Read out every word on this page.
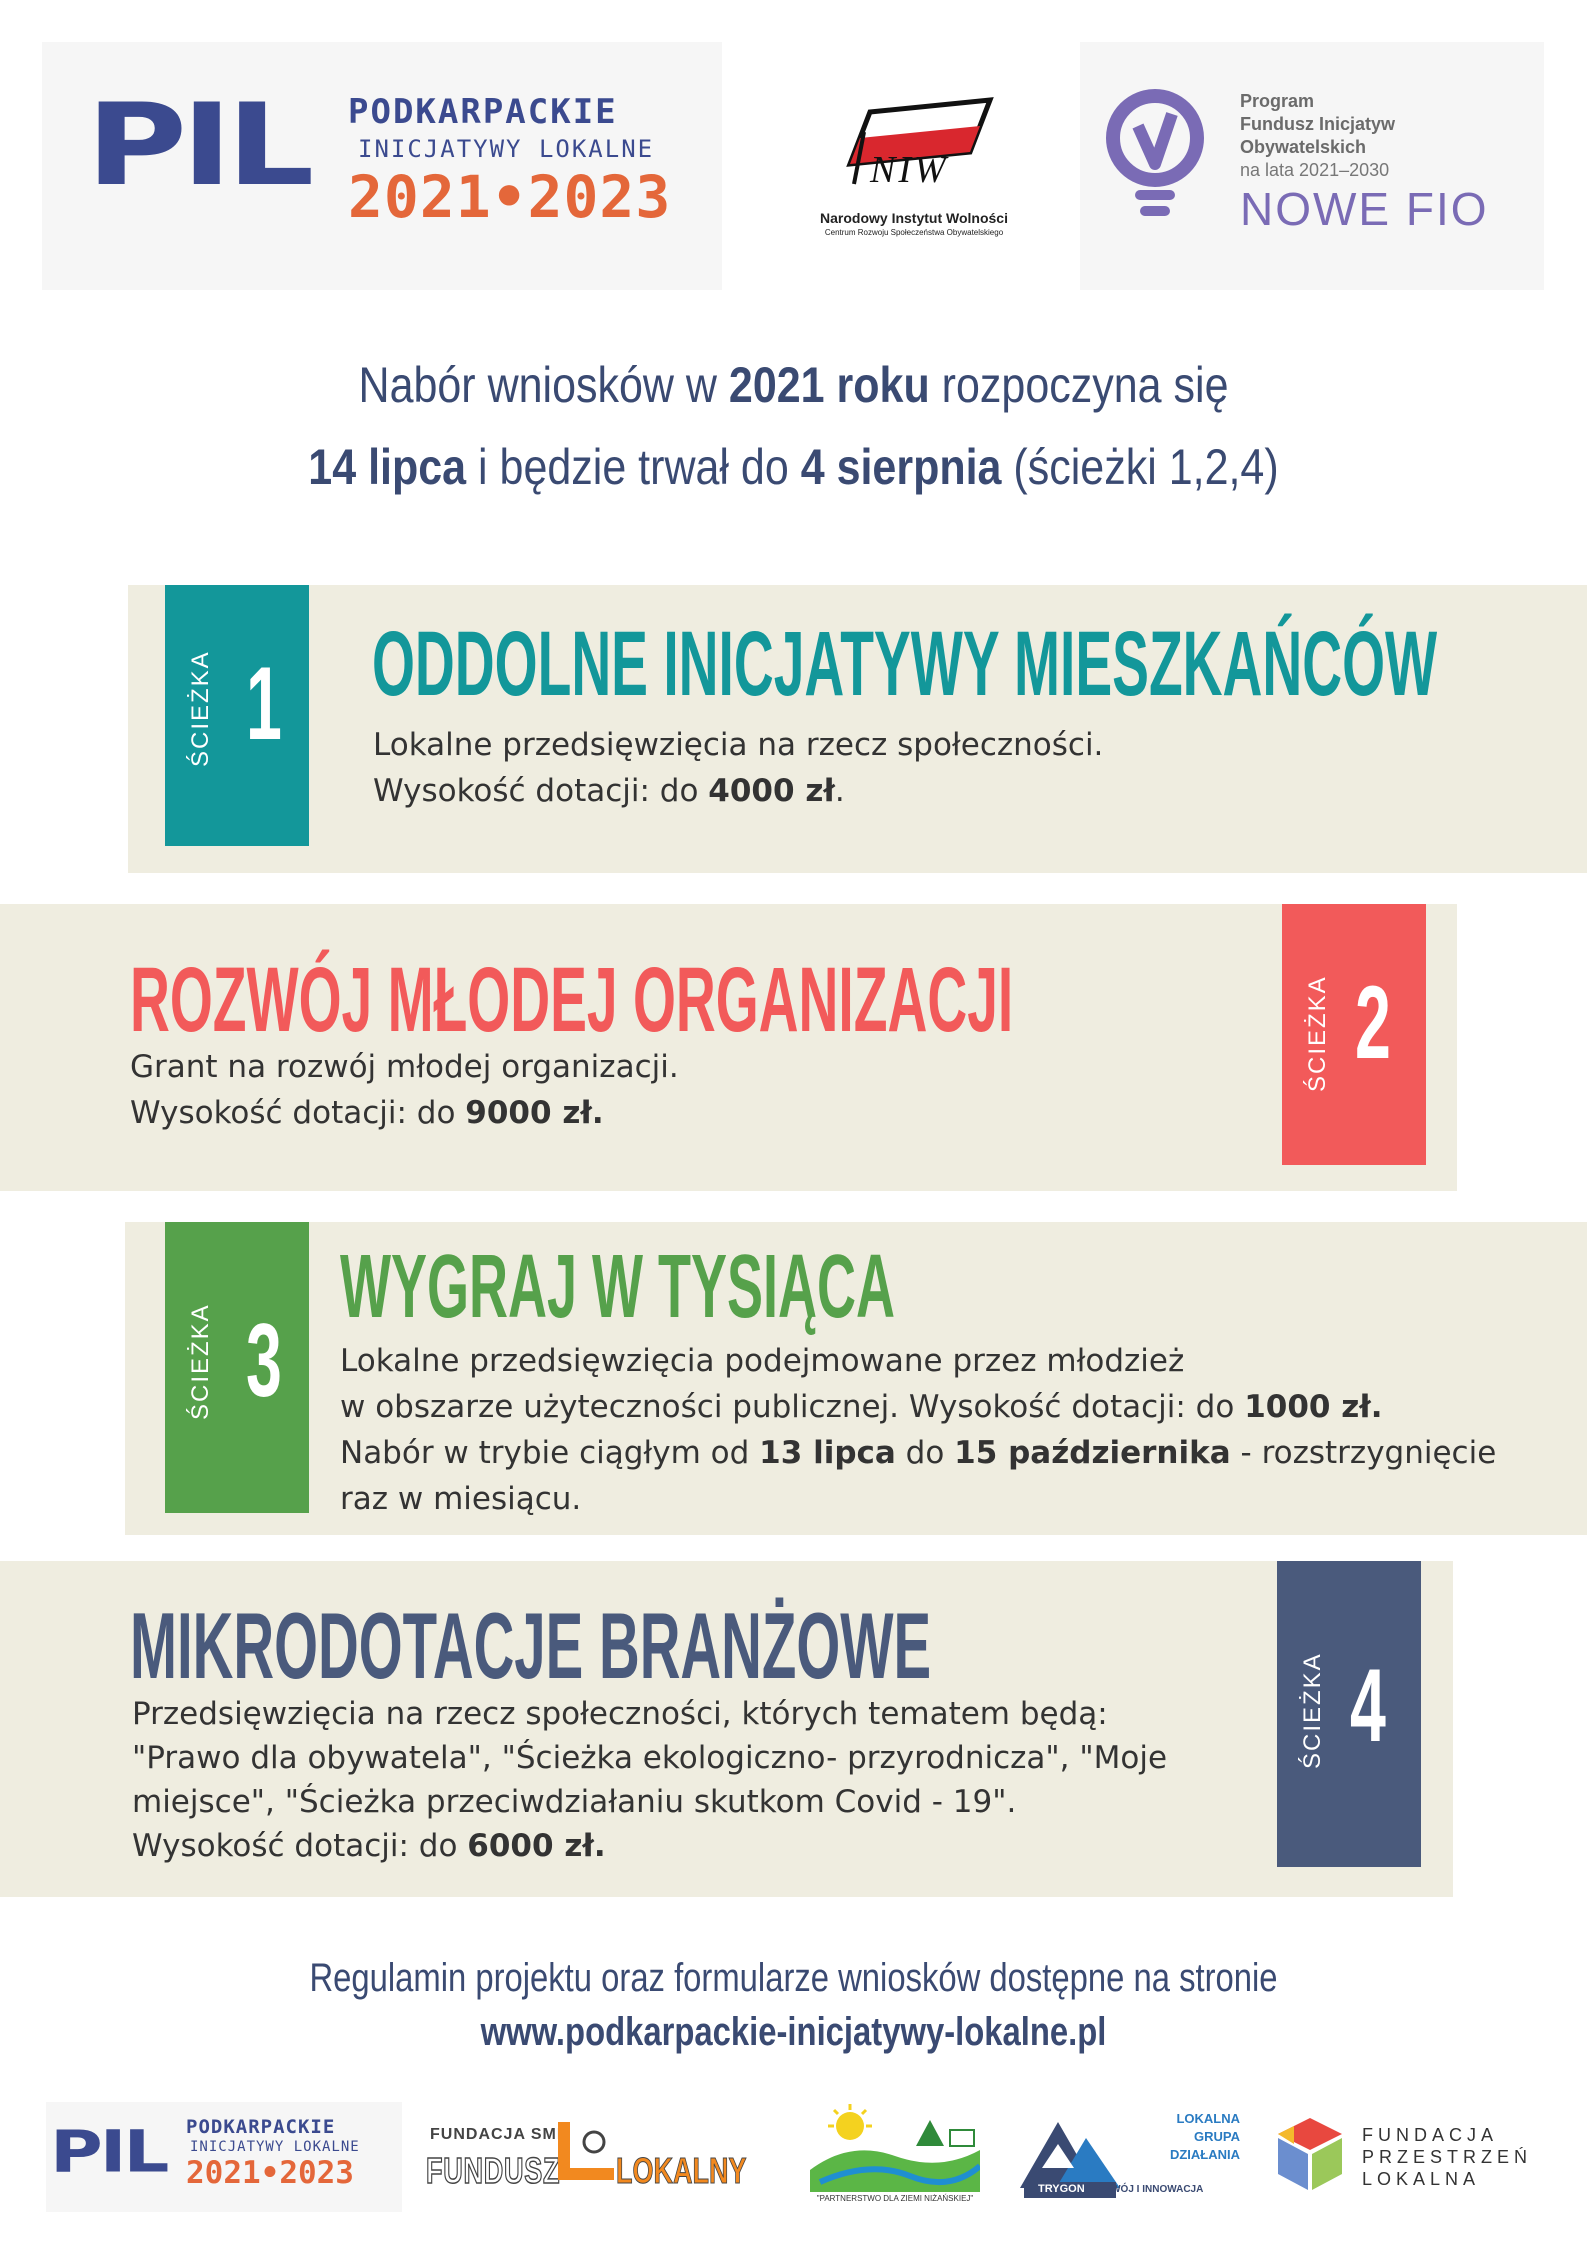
PIL PODKARPACKIE
INICJATYWY LOKALNE
2021•2023	NIW
Narodowy Instytut Wolności
Centrum Rozwoju Społeczeństwa Obywatelskiego
Program
Fundusz Inicjatyw
Obywatelskich
na lata 2021–2030
NOWE FIO
Nabór wniosków w 2021 roku rozpoczyna się
14 lipca i będzie trwał do 4 sierpnia (ścieżki 1,2,4)
ŚCIEŻKA 1 ODDOLNE INICJATYWY MIESZKAŃCÓW
Lokalne przedsięwzięcia na rzecz społeczności.
Wysokość dotacji: do 4000 zł.
ŚCIEŻKA 2
ROZWÓJ MŁODEJ ORGANIZACJI
Grant na rozwój młodej organizacji.
Wysokość dotacji: do 9000 zł.
ŚCIEŻKA 3
WYGRAJ W TYSIĄCA
Lokalne przedsięwzięcia podejmowane przez młodzież
w obszarze użyteczności publicznej. Wysokość dotacji: do 1000 zł.
Nabór w trybie ciągłym od 13 lipca do 15 października - rozstrzygnięcie
raz w miesiącu.
ŚCIEŻKA 4
MIKRODOTACJE BRANŻOWE
Przedsięwzięcia na rzecz społeczności, których tematem będą:
"Prawo dla obywatela", "Ścieżka ekologiczno- przyrodnicza", "Moje
miejsce", "Ścieżka przeciwdziałaniu skutkom Covid - 19".
Wysokość dotacji: do 6000 zł.
Regulamin projektu oraz formularze wniosków dostępne na stronie
www.podkarpackie-inicjatywy-lokalne.pl
PIL PODKARPACKIE
INICJATYWY LOKALNE
2021•2023
FUNDACJA SMK
FUNDUSZ LOKALNY
"PARTNERSTWO DLA ZIEMI NIŻAŃSKIEJ"
TRYGON
LOKALNA
GRUPA
DZIAŁANIA
ROZWÓJ I INNOWACJA
FUNDACJA
PRZESTRZEŃ
LOKALNA
